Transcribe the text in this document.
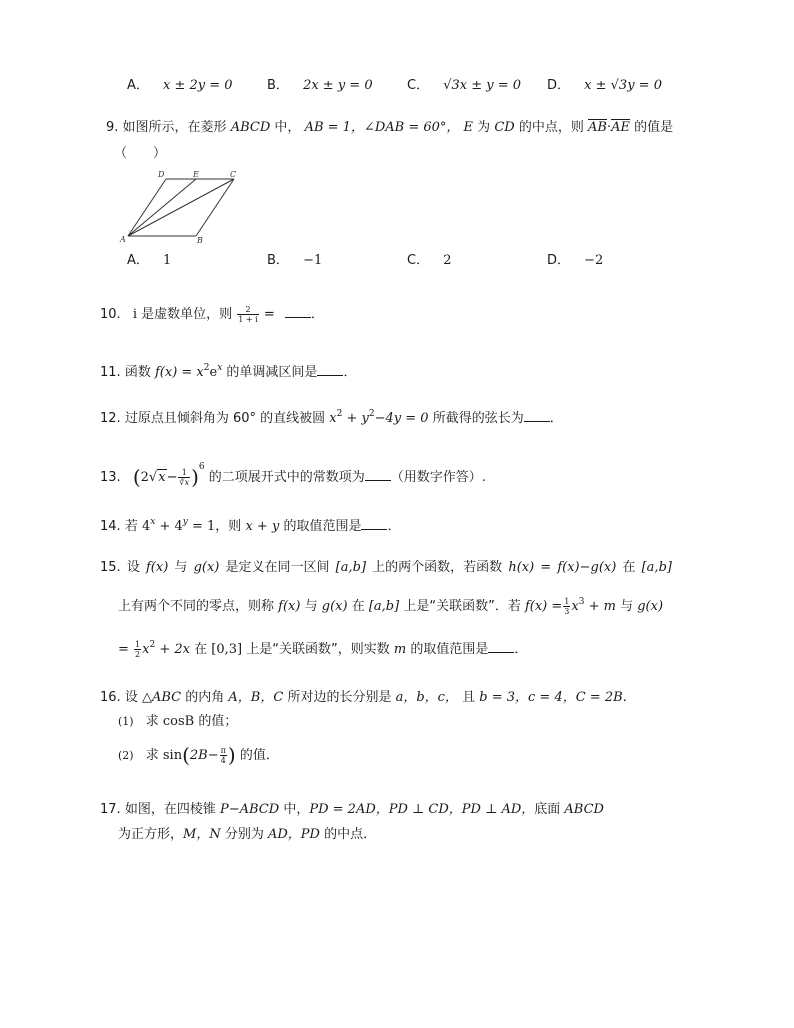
A． x ± 2y = 0	B． 2x ± y = 0	C． √3x ± y = 0 D． x ± √3y = 0
9. 如图所示，在菱形 ABCD 中， AB = 1，∠DAB = 60°， E 为 CD 的中点，则 AB·AE 的值是
（　　）
D	E	C
A	B
A． 1	B． −1	C． 2	D． −2
10. i 是虚数单位，则 $\frac{2}{1 + i}$ =	．
11. 函数 $f(x) = x^2e^x$ 的单调减区间是 ．
12. 过原点且倾斜角为 60° 的直线被圆 $x^2 + y^2-4y = 0$ 所截得的弦长为 ．
13. $(2√x- \frac{1}{∛x} )^6$ 的二项展开式中的常数项为 （用数字作答）.
14. 若 $4^x + 4^y = 1$，则 x + y 的取值范围是 ．
15. 设 f(x) 与 g(x) 是定义在同一区间 [a,b] 上的两个函数，若函数 h(x) = f(x)−g(x) 在 [a,b]
上有两个不同的零点，则称 f(x) 与 g(x) 在 [a,b] 上是“关联函数”．若 $f(x) = \frac{1}{3} x^3 + m$ 与 g(x)
= $\frac{1}{2} x^2 + 2x$ 在 [0,3] 上是“关联函数”，则实数 m 的取值范围是 ．
16. 设 △ABC 的内角 A，B，C 所对边的长分别是 a，b，c， 且 b = 3，c = 4，C = 2B．
(1) 求 cosB 的值；
(2) 求 $\sin(2B- \frac{\pi}{4}$ ) 的值．
17. 如图，在四棱锥 P−ABCD 中，PD = 2AD，PD ⊥ CD，PD ⊥ AD，底面 ABCD
为正方形，M，N 分别为 AD，PD 的中点．
